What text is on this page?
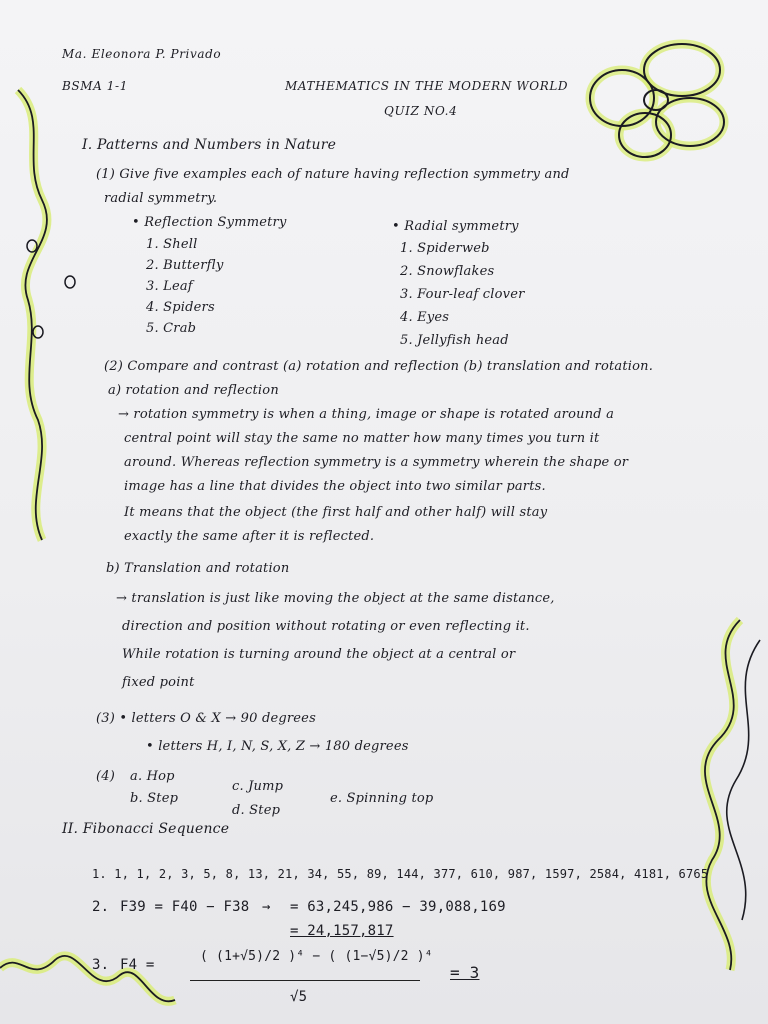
Ma. Eleonora P. Privado
BSMA 1-1	MATHEMATICS IN THE MODERN WORLD
QUIZ NO.4
I. Patterns and Numbers in Nature
(1) Give five examples each of nature having reflection symmetry and
radial symmetry.
• Reflection Symmetry
1. Shell
2. Butterfly
3. Leaf
4. Spiders
5. Crab
• Radial symmetry
1. Spiderweb
2. Snowflakes
3. Four-leaf clover
4. Eyes
5. Jellyfish head
(2) Compare and contrast (a) rotation and reflection (b) translation and rotation.
a) rotation and reflection
→ rotation symmetry is when a thing, image or shape is rotated around a
central point will stay the same no matter how many times you turn it
around. Whereas reflection symmetry is a symmetry wherein the shape or
image has a line that divides the object into two similar parts.
It means that the object (the first half and other half) will stay
exactly the same after it is reflected.
b) Translation and rotation
→ translation is just like moving the object at the same distance,
direction and position without rotating or even reflecting it.
While rotation is turning around the object at a central or
fixed point
(3) • letters O & X → 90 degrees
• letters H, I, N, S, X, Z → 180 degrees
(4) a. Hop
b. Step
c. Jump
d. Step
e. Spinning top
II. Fibonacci Sequence
1. 1, 1, 2, 3, 5, 8, 13, 21, 34, 55, 89, 144, 377, 610, 987, 1597, 2584, 4181, 6765
2. F39 = F40 − F38 → = 63,245,986 − 39,088,169
= 24,157,817
3. F4 =
( (1+√5)/2 )⁴ − ( (1−√5)/2 )⁴
√5
= 3
